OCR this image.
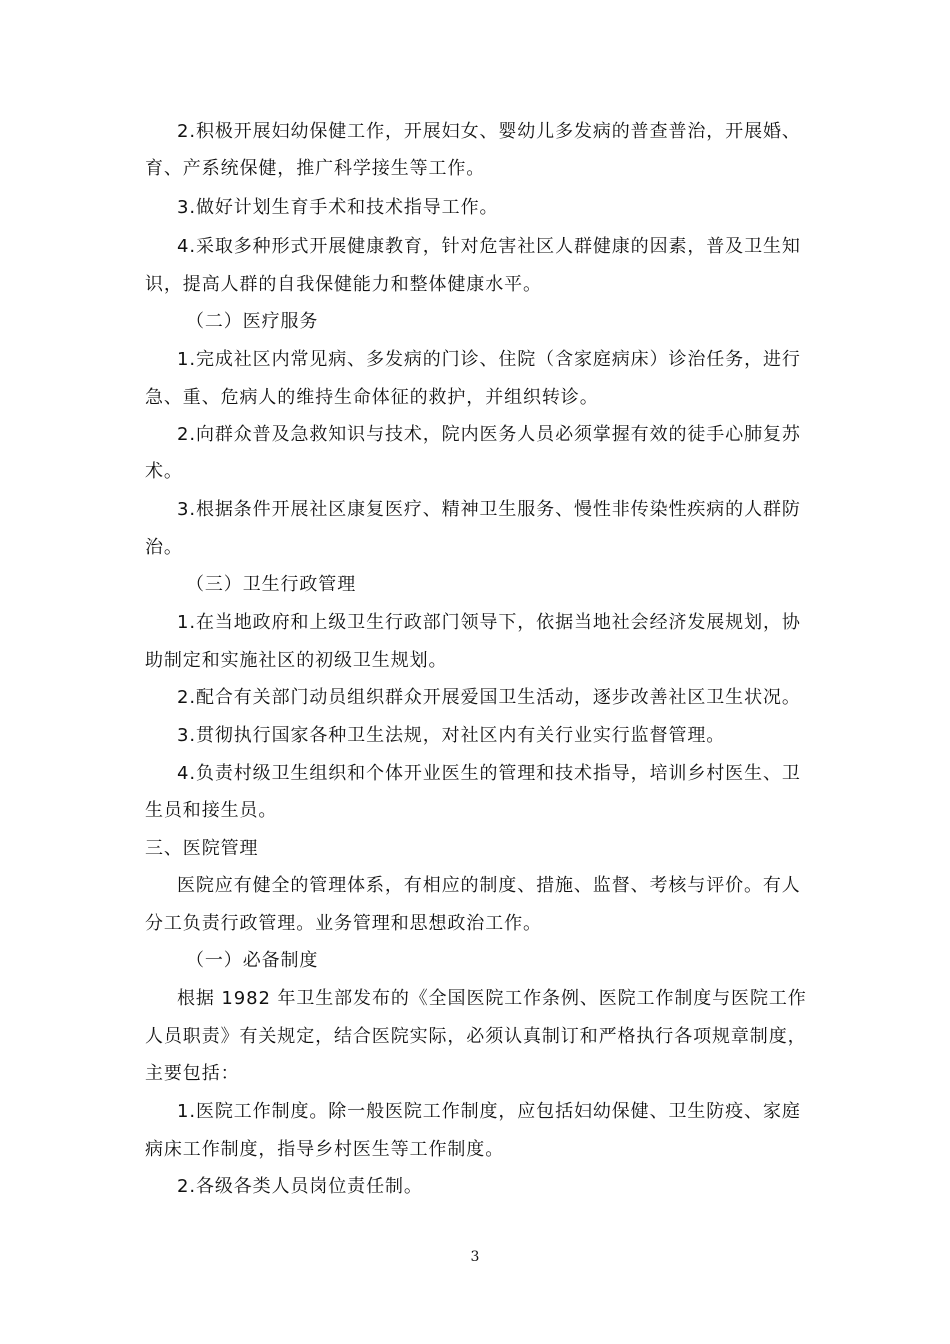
2.积极开展妇幼保健工作，开展妇女、婴幼儿多发病的普查普治，开展婚、
育、产系统保健，推广科学接生等工作。
3.做好计划生育手术和技术指导工作。
4.采取多种形式开展健康教育，针对危害社区人群健康的因素，普及卫生知
识，提高人群的自我保健能力和整体健康水平。
（二）医疗服务
1.完成社区内常见病、多发病的门诊、住院（含家庭病床）诊治任务，进行
急、重、危病人的维持生命体征的救护，并组织转诊。
2.向群众普及急救知识与技术，院内医务人员必须掌握有效的徒手心肺复苏
术。
3.根据条件开展社区康复医疗、精神卫生服务、慢性非传染性疾病的人群防
治。
（三）卫生行政管理
1.在当地政府和上级卫生行政部门领导下，依据当地社会经济发展规划，协
助制定和实施社区的初级卫生规划。
2.配合有关部门动员组织群众开展爱国卫生活动，逐步改善社区卫生状况。
3.贯彻执行国家各种卫生法规，对社区内有关行业实行监督管理。
4.负责村级卫生组织和个体开业医生的管理和技术指导，培训乡村医生、卫
生员和接生员。
三、医院管理
医院应有健全的管理体系，有相应的制度、措施、监督、考核与评价。有人
分工负责行政管理。业务管理和思想政治工作。
（一）必备制度
根据 1982 年卫生部发布的《全国医院工作条例、医院工作制度与医院工作
人员职责》有关规定，结合医院实际，必须认真制订和严格执行各项规章制度，
主要包括：
1.医院工作制度。除一般医院工作制度，应包括妇幼保健、卫生防疫、家庭
病床工作制度，指导乡村医生等工作制度。
2.各级各类人员岗位责任制。
3
